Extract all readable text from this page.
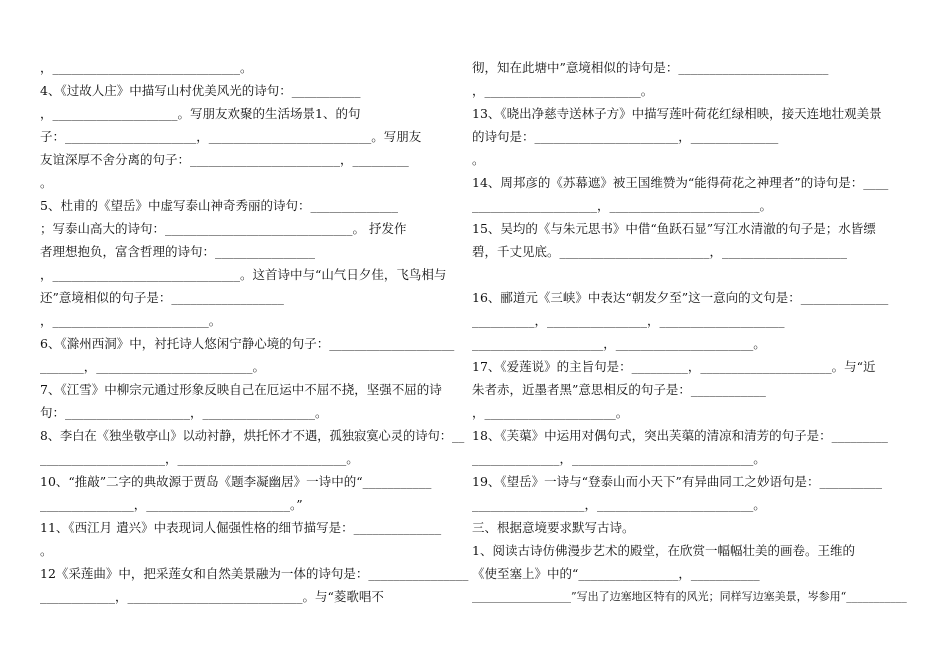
，______________________________。
4、《过故人庄》中描写山村优美风光的诗句：___________
，____________________。写朋友欢聚的生活场景1、的句
子：_____________________，__________________________。写朋友
友谊深厚不舍分离的句子：________________________，_________
。
5、杜甫的《望岳》中虚写泰山神奇秀丽的诗句：______________
；写泰山高大的诗句：______________________________。 抒发作
者理想抱负，富含哲理的诗句：________________
，______________________________。这首诗中与“山气日夕佳，飞鸟相与
还”意境相似的句子是：__________________
，_________________________。
6、《滁州西洞》中，衬托诗人悠闲宁静心境的句子：____________________
_______，_________________________。
7、《江雪》中柳宗元通过形象反映自己在厄运中不屈不挠，坚强不屈的诗
句：____________________，__________________。
8、李白在《独坐敬亭山》以动衬静，烘托怀才不遇，孤独寂寞心灵的诗句：__
____________________，___________________________。
10、“推敲”二字的典故源于贾岛《题李凝幽居》一诗中的“___________
_______________，_______________________。”
11、《西江月 遣兴》中表现词人倔强性格的细节描写是：______________
。
12《采莲曲》中，把采莲女和自然美景融为一体的诗句是：________________
____________，____________________________。与“菱歌唱不
彻，知在此塘中”意境相似的诗句是：________________________
，_________________________。
13、《晓出净慈寺送林子方》中描写莲叶荷花红绿相映，接天连地壮观美景
的诗句是：_______________________，______________
。
14、周邦彦的《苏幕遮》被王国维赞为“能得荷花之神理者”的诗句是：____
____________________，________________________。
15、吴均的《与朱元思书》中借“鱼跃石显”写江水清澈的句子是；水皆缥
碧，千丈见底。________________________，____________________
16、郦道元《三峡》中表达“朝发夕至”这一意向的文句是：______________
__________，________________，____________________
_____________________，______________________。
17、《爱莲说》的主旨句是：_________，_____________________。与“近
朱者赤，近墨者黑”意思相反的句子是：____________
，_____________________。
18、《芙蕖》中运用对偶句式，突出芙蕖的清凉和清芳的句子是：_________
______________，_____________________________。
19、《望岳》一诗与“登泰山而小天下”有异曲同工之妙语句是：__________
__________________，_________________________。
三、根据意境要求默写古诗。
1、阅读古诗仿佛漫步艺术的殿堂，在欣赏一幅幅壮美的画卷。王维的
《使至塞上》中的“________________，___________
__________________”写出了边塞地区特有的风光；同样写边塞美景，岑参用“___________
